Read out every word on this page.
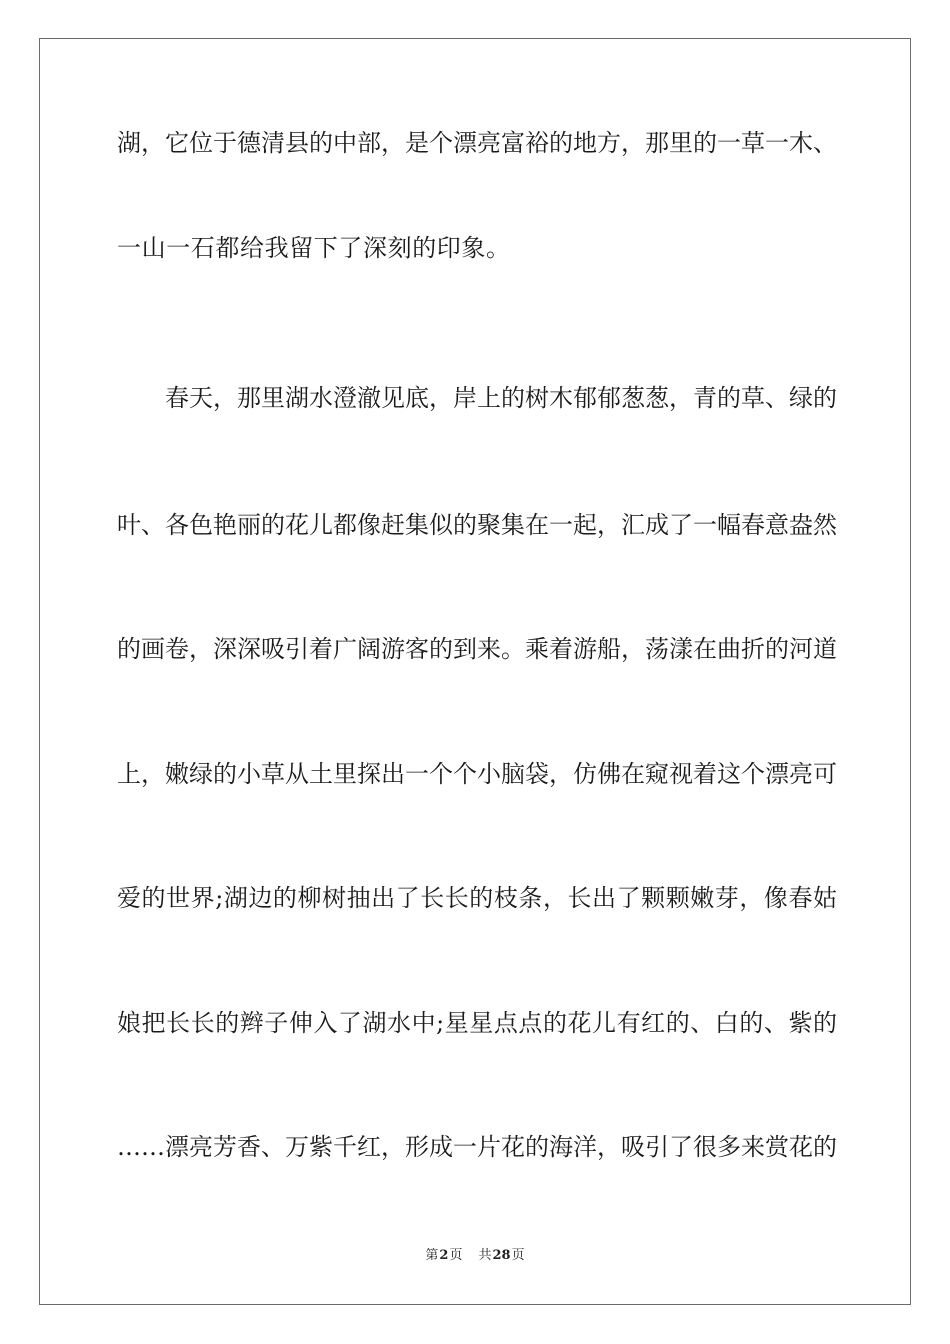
湖，它位于德清县的中部，是个漂亮富裕的地方，那里的一草一木、
一山一石都给我留下了深刻的印象。
春天，那里湖水澄澈见底，岸上的树木郁郁葱葱，青的草、绿的
叶、各色艳丽的花儿都像赶集似的聚集在一起，汇成了一幅春意盎然
的画卷，深深吸引着广阔游客的到来。乘着游船，荡漾在曲折的河道
上，嫩绿的小草从土里探出一个个小脑袋，仿佛在窥视着这个漂亮可
爱的世界;湖边的柳树抽出了长长的枝条，长出了颗颗嫩芽，像春姑
娘把长长的辫子伸入了湖水中;星星点点的花儿有红的、白的、紫的
……漂亮芳香、万紫千红，形成一片花的海洋，吸引了很多来赏花的
第2页 共28页
